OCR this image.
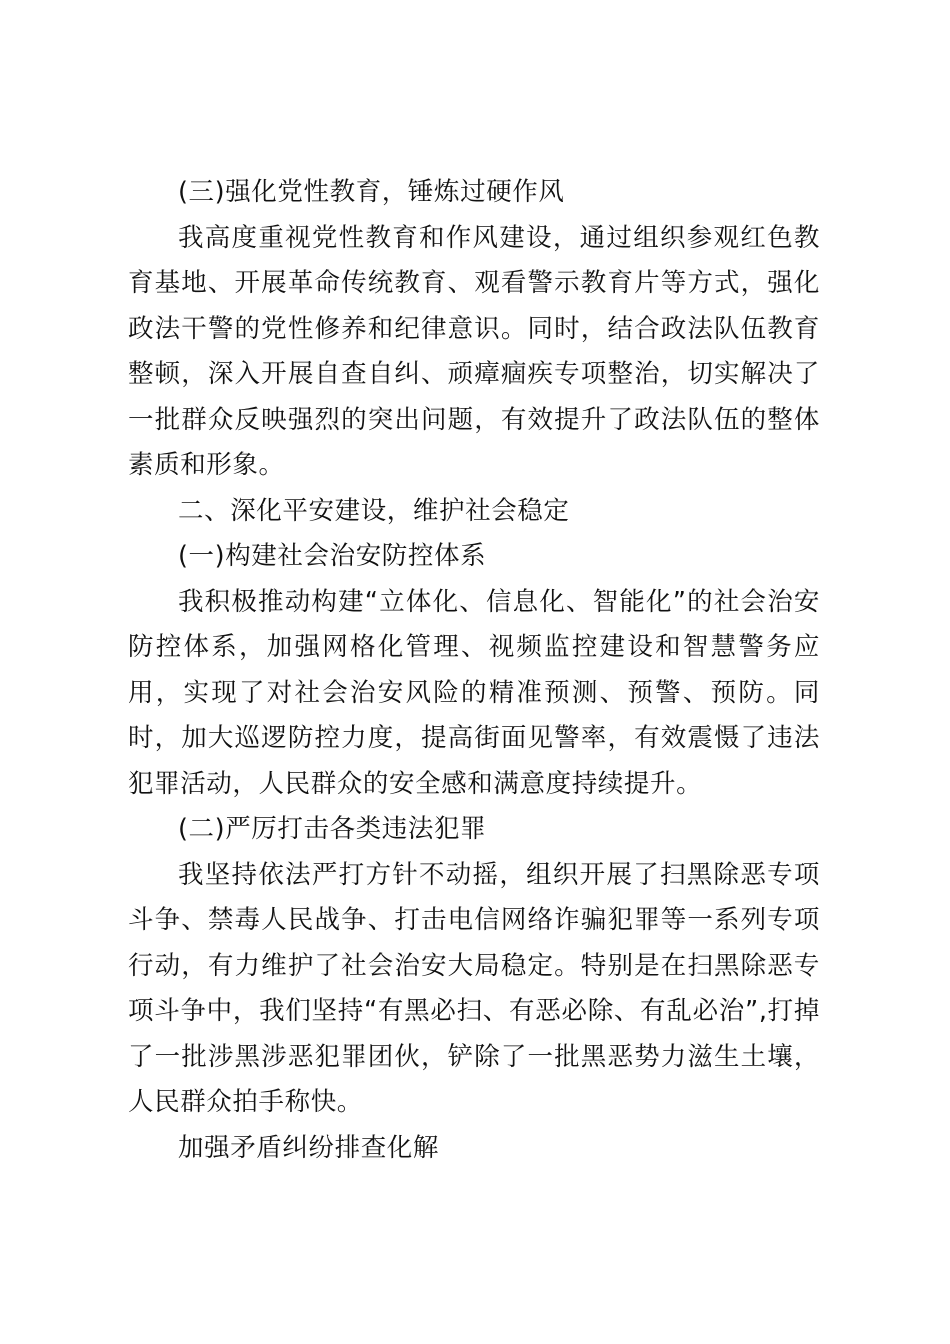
(三)强化党性教育，锤炼过硬作风

我高度重视党性教育和作风建设，通过组织参观红色教育基地、开展革命传统教育、观看警示教育片等方式，强化政法干警的党性修养和纪律意识。同时，结合政法队伍教育整顿，深入开展自查自纠、顽瘴痼疾专项整治，切实解决了一批群众反映强烈的突出问题，有效提升了政法队伍的整体素质和形象。

二、深化平安建设，维护社会稳定

(一)构建社会治安防控体系

我积极推动构建“立体化、信息化、智能化”的社会治安防控体系，加强网格化管理、视频监控建设和智慧警务应用，实现了对社会治安风险的精准预测、预警、预防。同时，加大巡逻防控力度，提高街面见警率，有效震慑了违法犯罪活动，人民群众的安全感和满意度持续提升。

(二)严厉打击各类违法犯罪

我坚持依法严打方针不动摇，组织开展了扫黑除恶专项斗争、禁毒人民战争、打击电信网络诈骗犯罪等一系列专项行动，有力维护了社会治安大局稳定。特别是在扫黑除恶专项斗争中，我们坚持“有黑必扫、有恶必除、有乱必治”,打掉了一批涉黑涉恶犯罪团伙，铲除了一批黑恶势力滋生土壤，人民群众拍手称快。

加强矛盾纠纷排查化解
